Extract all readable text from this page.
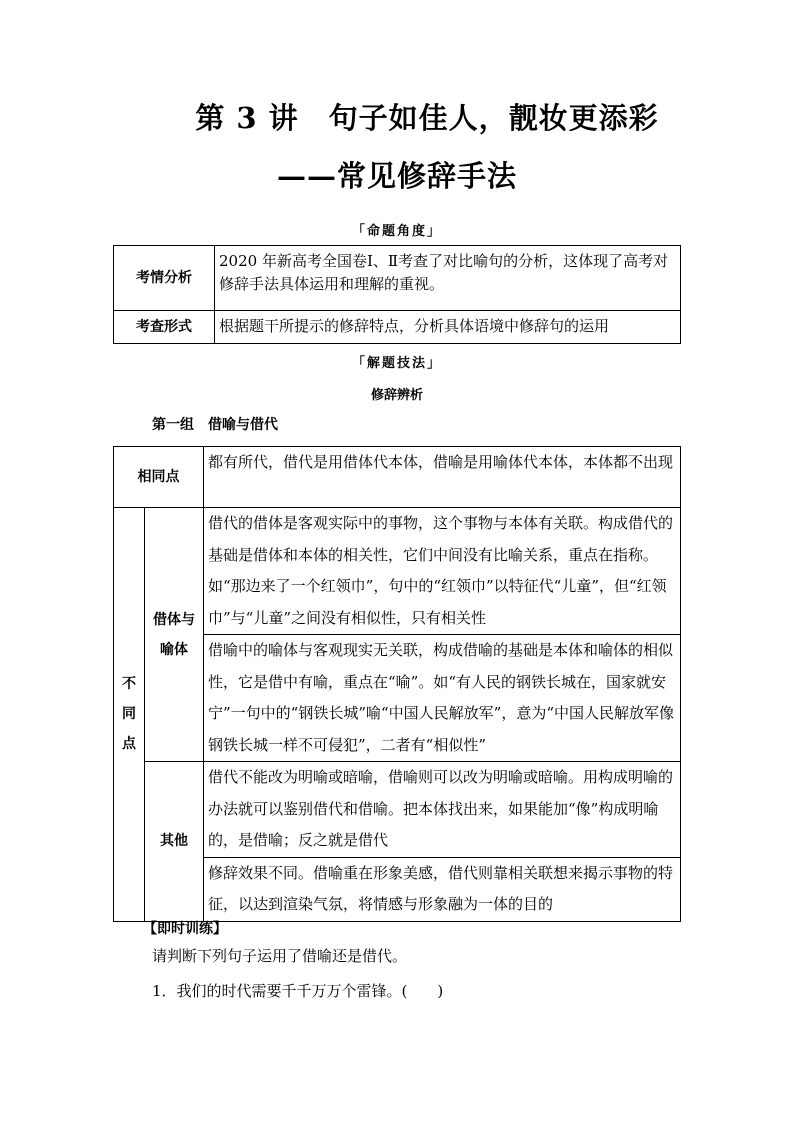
第 3 讲　句子如佳人，靓妆更添彩
——常见修辞手法
「命题角度」
考情分析	2020 年新高考全国卷Ⅰ、Ⅱ考查了对比喻句的分析，这体现了高考对修辞手法具体运用和理解的重视。
考查形式	根据题干所提示的修辞特点，分析具体语境中修辞句的运用
「解题技法」
修辞辨析
第一组　借喻与借代
相同点		都有所代，借代是用借体代本体，借喻是用喻体代本体，本体都不出现
不同点	借体与喻体	借代的借体是客观实际中的事物，这个事物与本体有关联。构成借代的基础是借体和本体的相关性，它们中间没有比喻关系，重点在指称。如“那边来了一个红领巾”，句中的“红领巾”以特征代“儿童”，但“红领巾”与“儿童”之间没有相似性，只有相关性
		借喻中的喻体与客观现实无关联，构成借喻的基础是本体和喻体的相似性，它是借中有喻，重点在“喻”。如“有人民的钢铁长城在，国家就安宁”一句中的“钢铁长城”喻“中国人民解放军”，意为“中国人民解放军像钢铁长城一样不可侵犯”，二者有“相似性”
	其他	借代不能改为明喻或暗喻，借喻则可以改为明喻或暗喻。用构成明喻的办法就可以鉴别借代和借喻。把本体找出来，如果能加“像”构成明喻的，是借喻；反之就是借代
		修辞效果不同。借喻重在形象美感，借代则靠相关联想来揭示事物的特征，以达到渲染气氛，将情感与形象融为一体的目的
【即时训练】
请判断下列句子运用了借喻还是借代。
1．我们的时代需要千千万万个雷锋。(　　)
